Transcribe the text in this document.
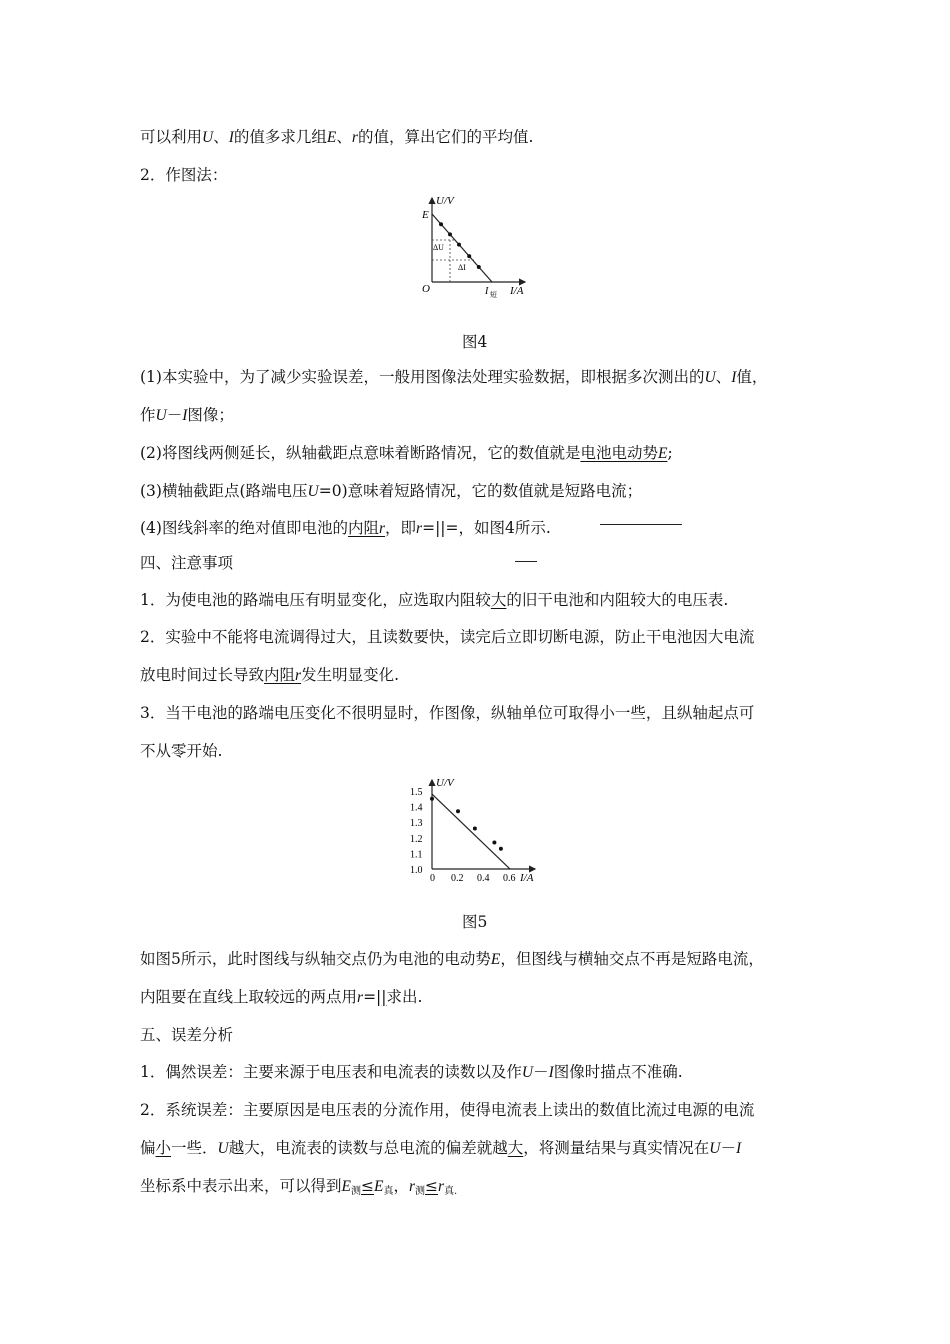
可以利用U、I的值多求几组E、r的值，算出它们的平均值.
2．作图法：
U/V
E
ΔU
ΔI
O	I 短 I/A
图4
(1)本实验中，为了减少实验误差，一般用图像法处理实验数据，即根据多次测出的U、I值，
作U－I图像；
(2)将图线两侧延长，纵轴截距点意味着断路情况，它的数值就是电池电动势E;
(3)横轴截距点(路端电压U=0)意味着短路情况，它的数值就是短路电流；
(4)图线斜率的绝对值即电池的内阻r，即r=||=，如图4所示.
四、注意事项
1．为使电池的路端电压有明显变化，应选取内阻较大的旧干电池和内阻较大的电压表.
2．实验中不能将电流调得过大，且读数要快，读完后立即切断电源，防止干电池因大电流
放电时间过长导致内阻r发生明显变化.
3．当干电池的路端电压变化不很明显时，作图像，纵轴单位可取得小一些，且纵轴起点可
不从零开始.
1.0
1.1
1.2
1.3
1.4
1.5
0 0.2 0.4 0.6
U/V
I/A
图5
如图5所示，此时图线与纵轴交点仍为电池的电动势E，但图线与横轴交点不再是短路电流，
内阻要在直线上取较远的两点用r=||求出.
五、误差分析
1．偶然误差：主要来源于电压表和电流表的读数以及作U－I图像时描点不准确.
2．系统误差：主要原因是电压表的分流作用，使得电流表上读出的数值比流过电源的电流
偏小一些．U越大，电流表的读数与总电流的偏差就越大，将测量结果与真实情况在U－I
坐标系中表示出来，可以得到$E_测\le E_真$，$r_测\le r_{真.}$
